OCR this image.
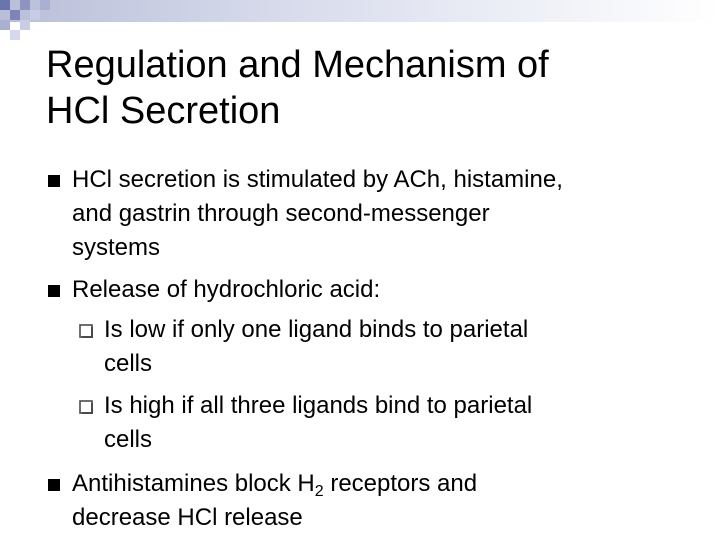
Regulation and Mechanism of
HCl Secretion
HCl secretion is stimulated by ACh, histamine,
and gastrin through second-messenger
systems
Release of hydrochloric acid:
Is low if only one ligand binds to parietal
cells
Is high if all three ligands bind to parietal
cells
Antihistamines block $H_2$ receptors and
decrease HCl release
